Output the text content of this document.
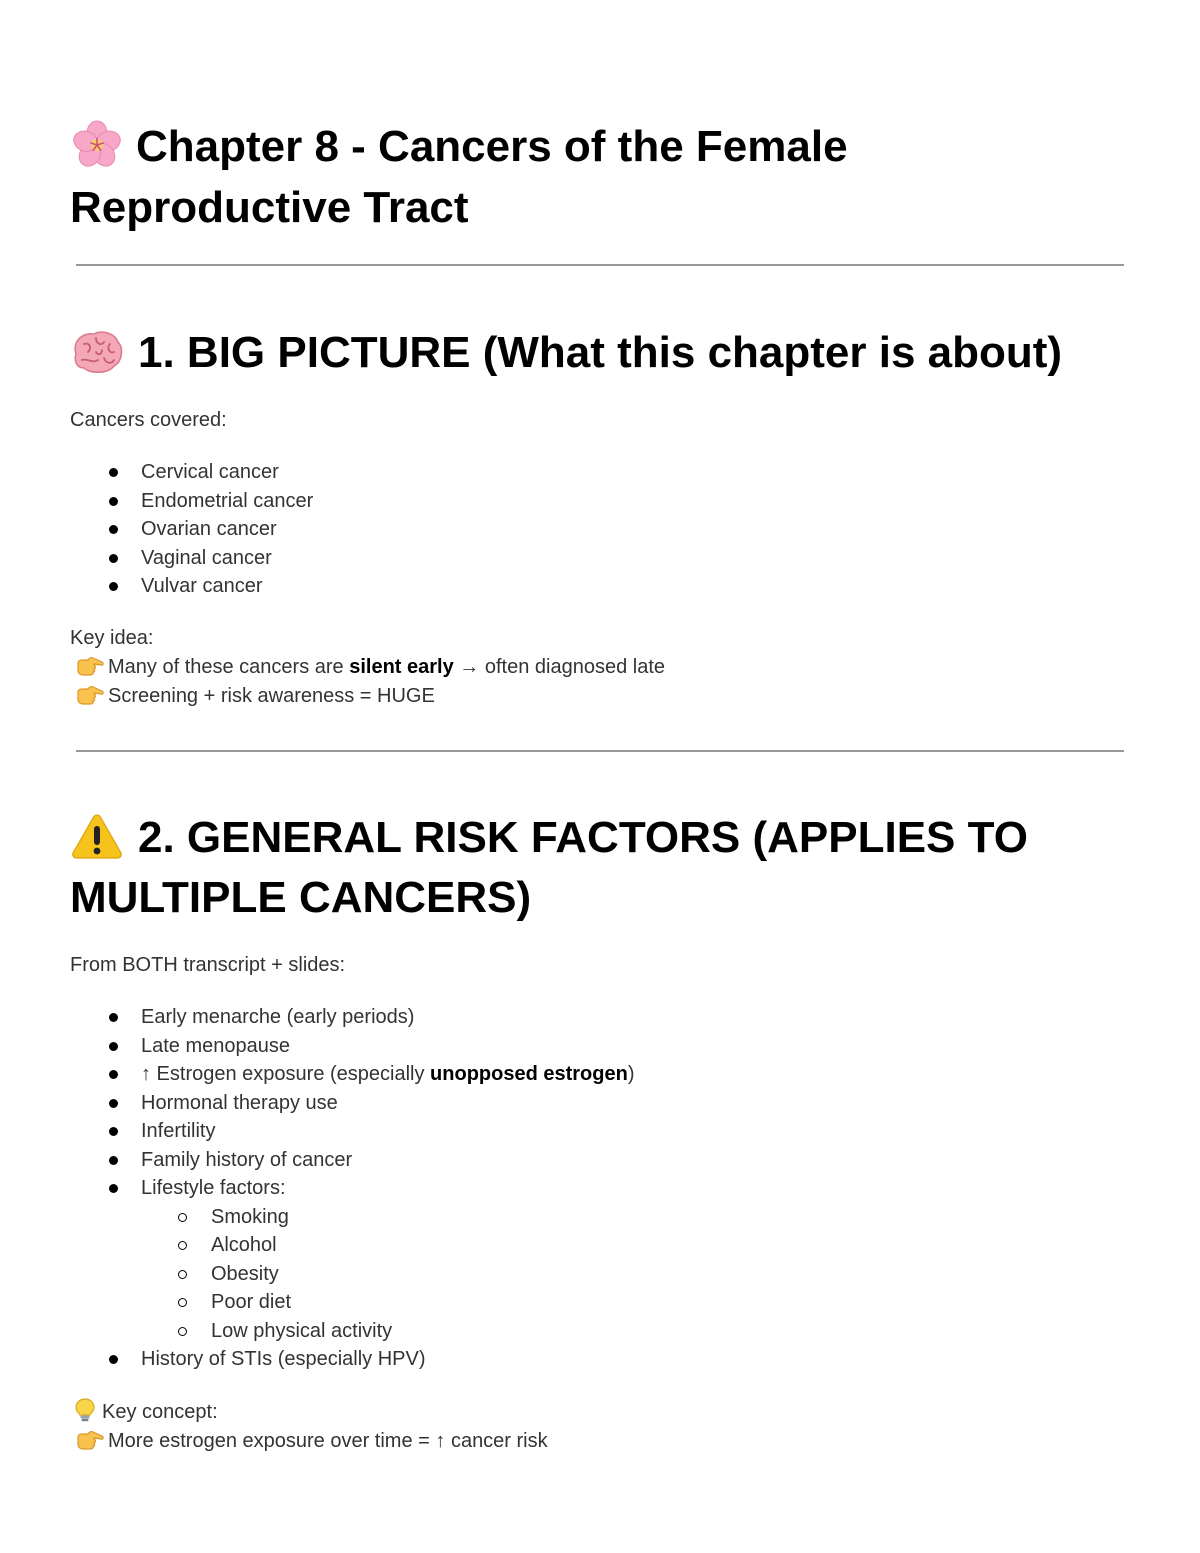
Chapter 8 - Cancers of the Female Reproductive Tract
1. BIG PICTURE (What this chapter is about)
Cancers covered:
Cervical cancer
Endometrial cancer
Ovarian cancer
Vaginal cancer
Vulvar cancer
Key idea:
Many of these cancers are silent early → often diagnosed late
Screening + risk awareness = HUGE
2. GENERAL RISK FACTORS (APPLIES TO MULTIPLE CANCERS)
From BOTH transcript + slides:
Early menarche (early periods)
Late menopause
↑ Estrogen exposure (especially unopposed estrogen)
Hormonal therapy use
Infertility
Family history of cancer
Lifestyle factors:
Smoking
Alcohol
Obesity
Poor diet
Low physical activity
History of STIs (especially HPV)
Key concept:
More estrogen exposure over time = ↑ cancer risk
